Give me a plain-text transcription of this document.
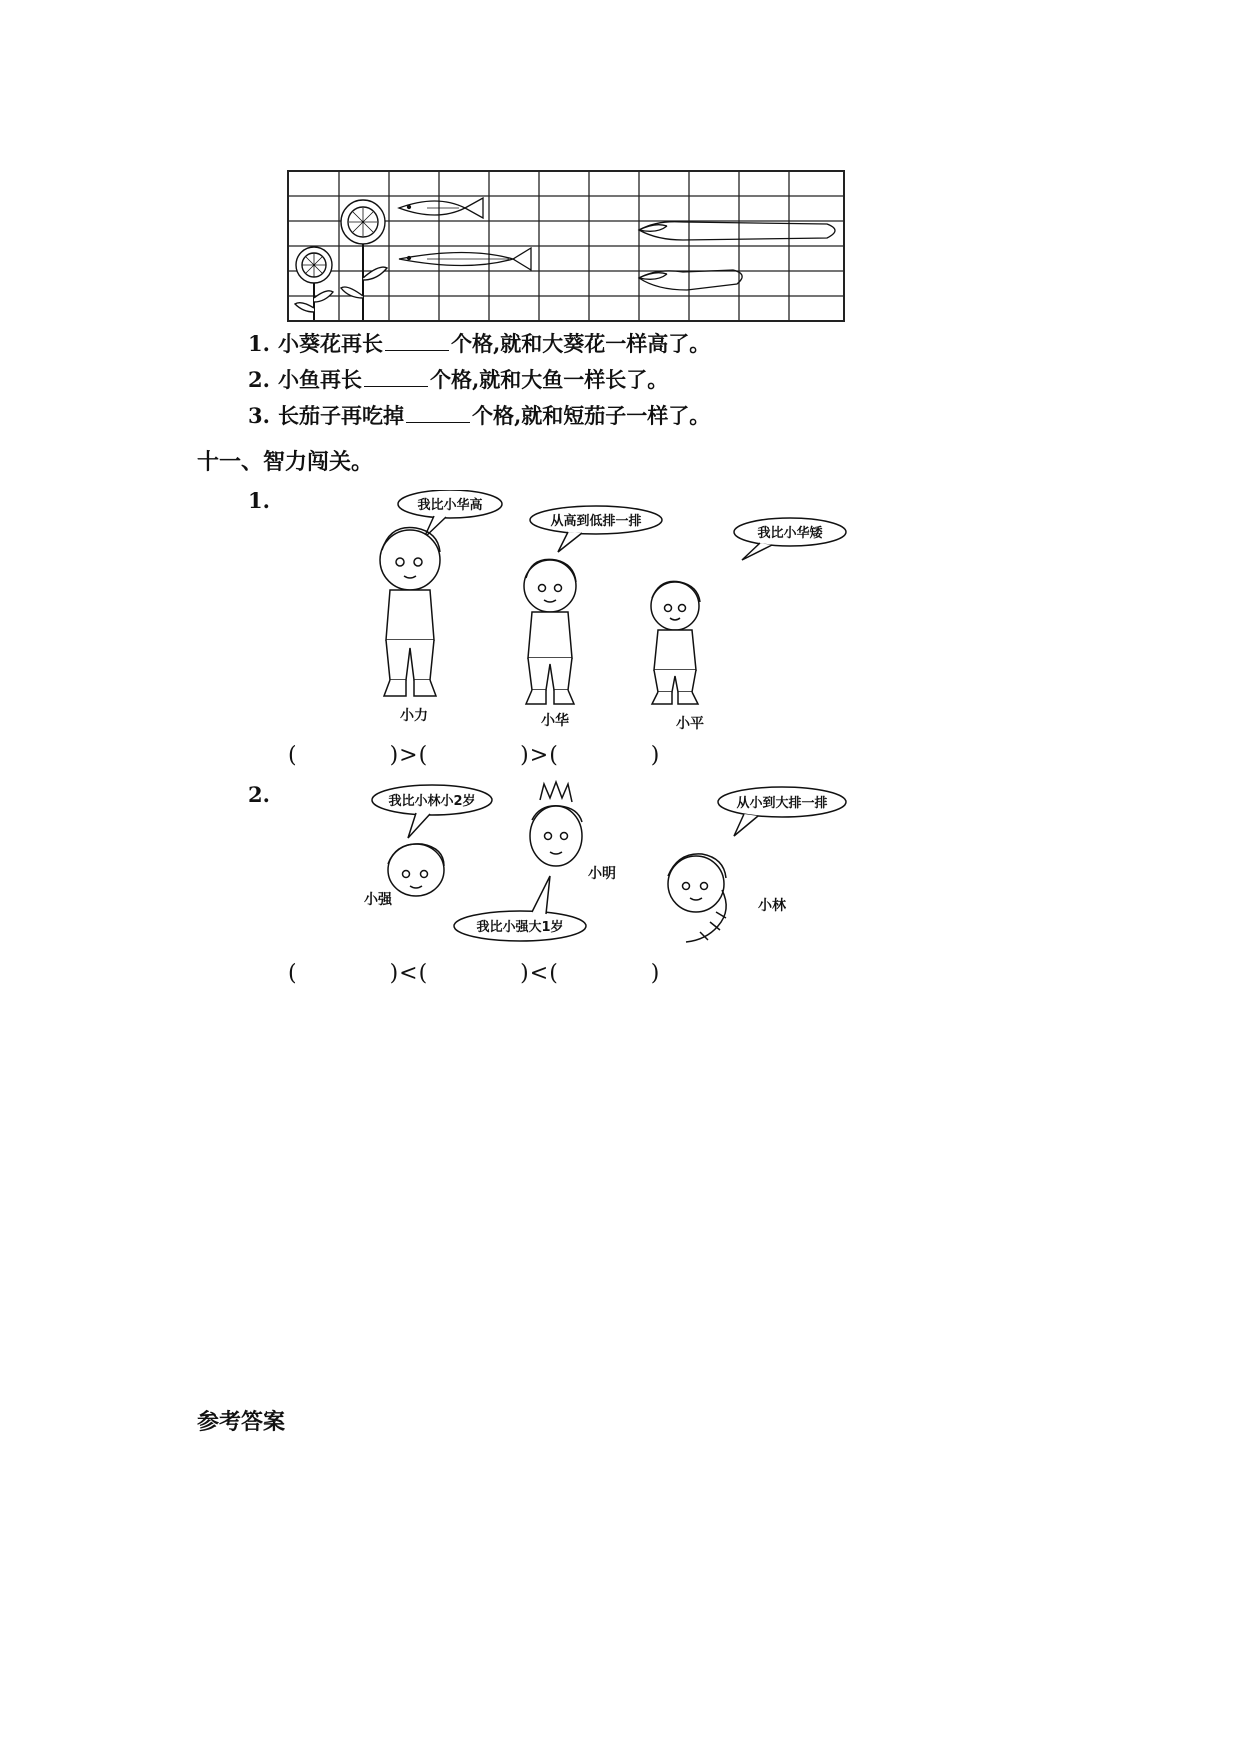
1. 小葵花再长	个格,就和大葵花一样高了。
2. 小鱼再长	个格,就和大鱼一样长了。
3. 长茄子再吃掉	个格,就和短茄子一样了。
十一、智力闯关。
1.	我比小华高
从高到低排一排
我比小华矮
小力	小华	小平
(　　　　)>(　　　　)>(　　　　)
2.	我比小林小2岁	从小到大排一排
我比小强大1岁
小强
小明
小林
(　　　　)<(　　　　)<(　　　　)
参考答案
